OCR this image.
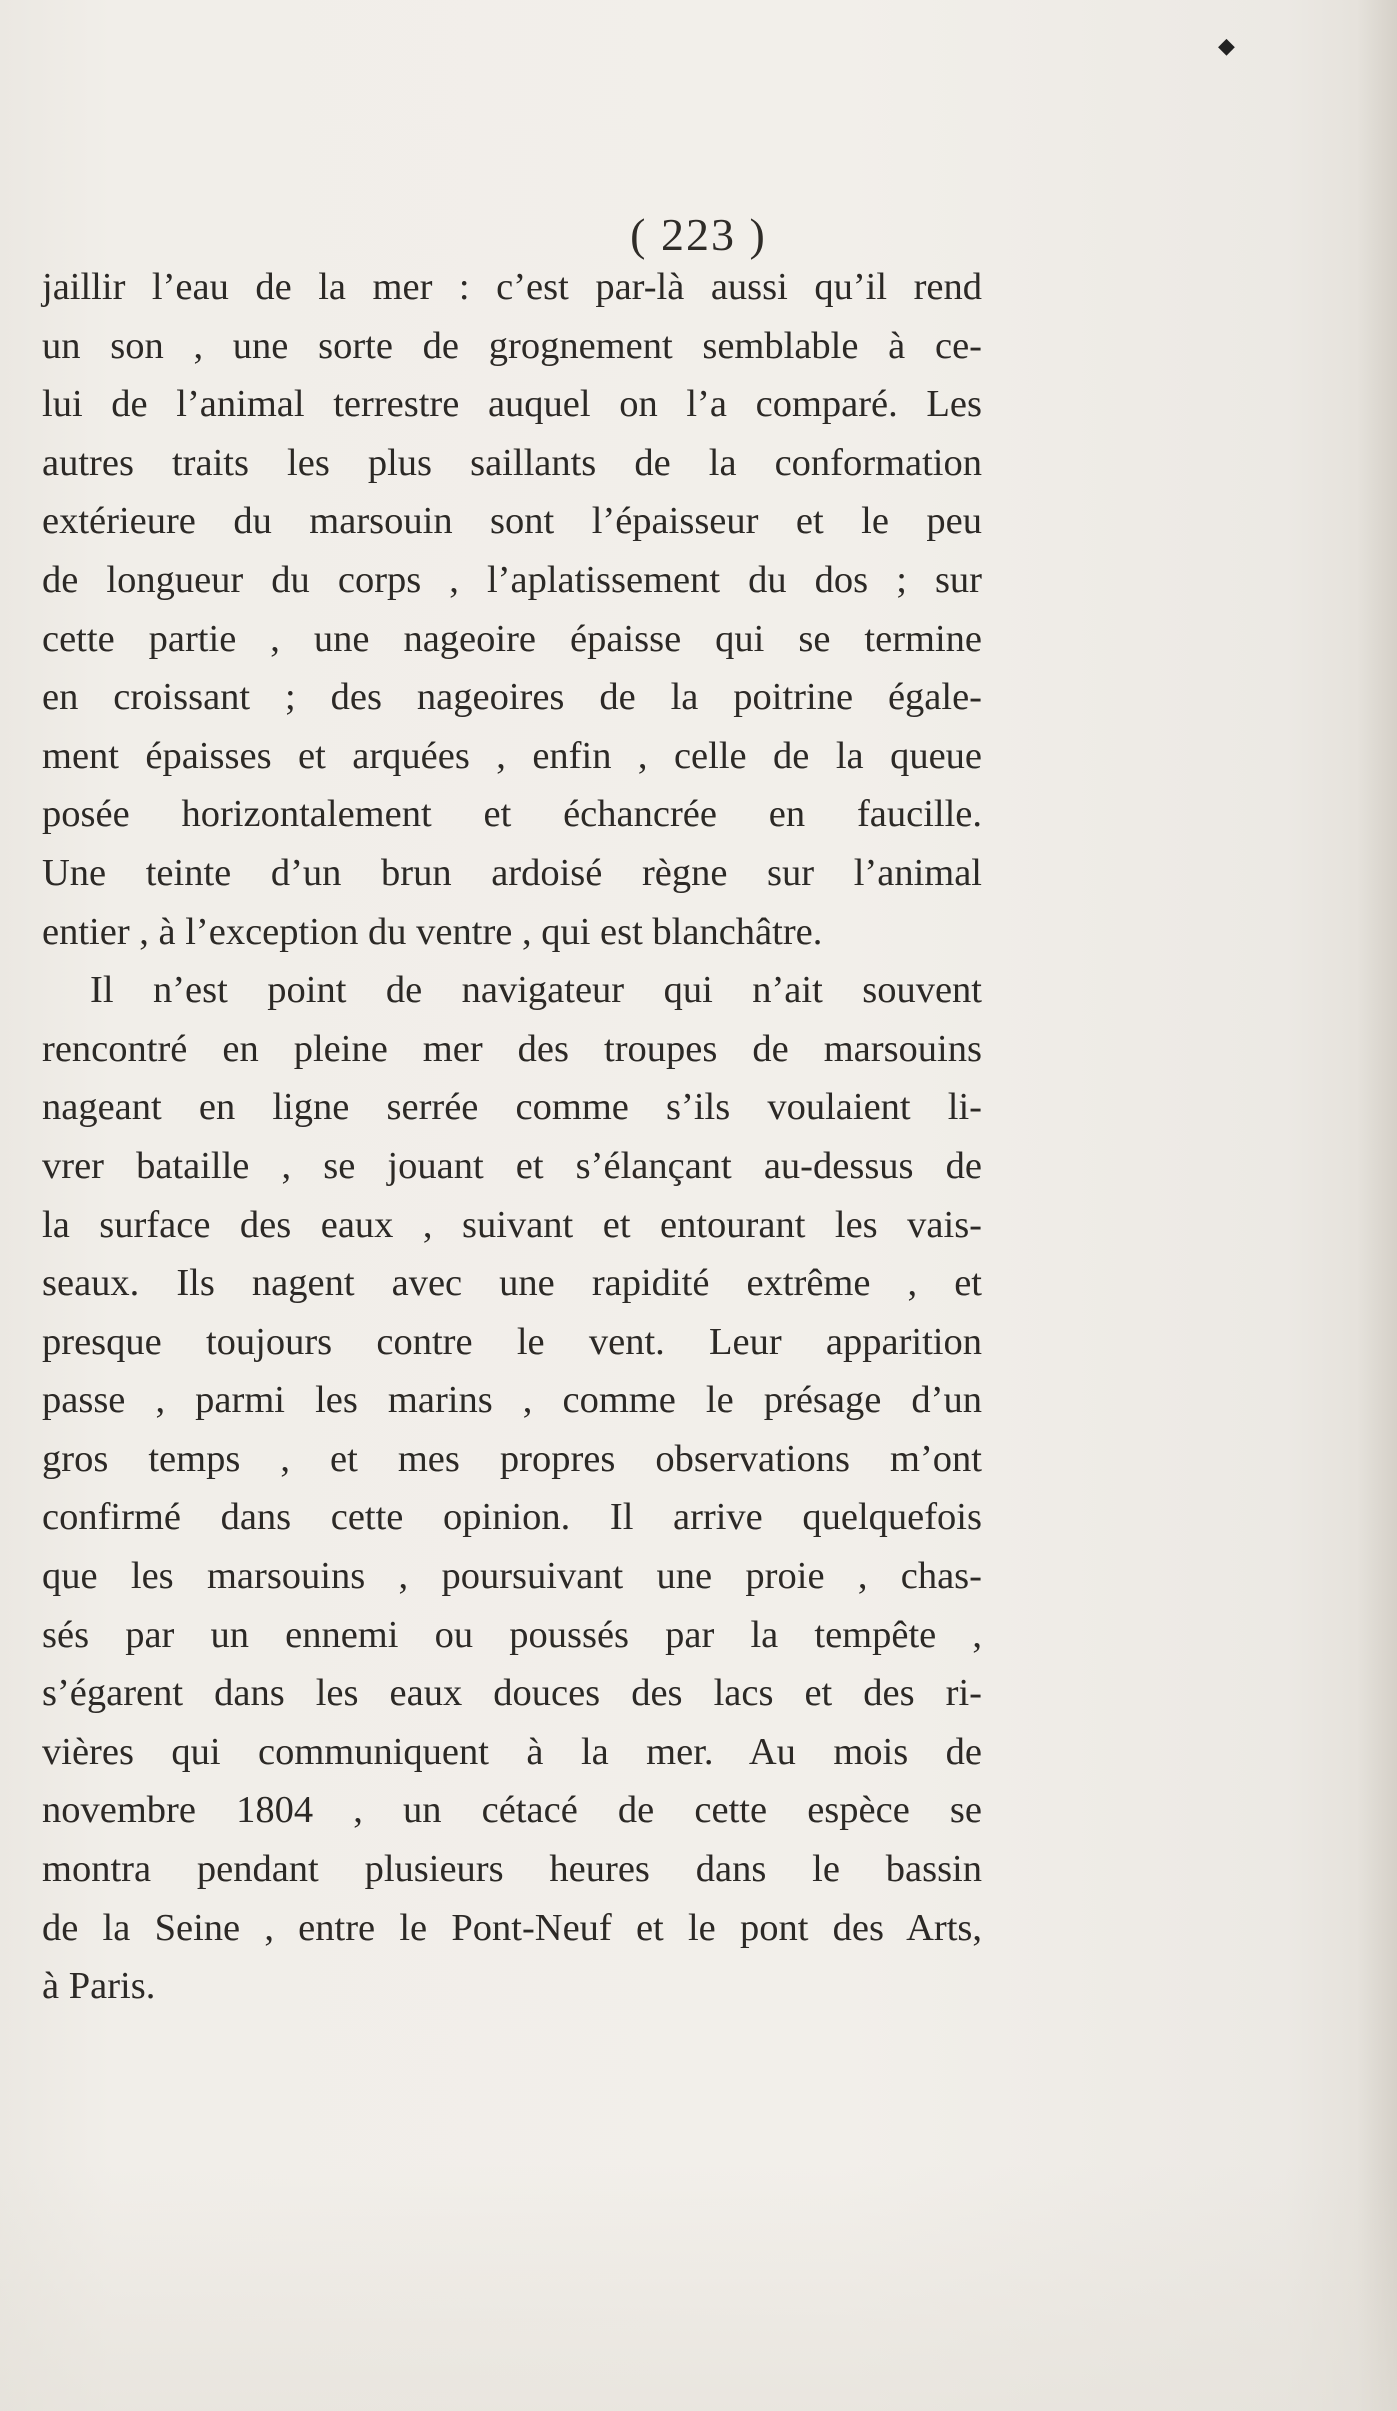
◆
( 223 )
jaillir l’eau de la mer : c’est par-là aussi qu’il rend
un son , une sorte de grognement semblable à ce-
lui de l’animal terrestre auquel on l’a comparé. Les
autres traits les plus saillants de la conformation
extérieure du marsouin sont l’épaisseur et le peu
de longueur du corps , l’aplatissement du dos ; sur
cette partie , une nageoire épaisse qui se termine
en croissant ; des nageoires de la poitrine égale-
ment épaisses et arquées , enfin , celle de la queue
posée horizontalement et échancrée en faucille.
Une teinte d’un brun ardoisé règne sur l’animal
entier , à l’exception du ventre , qui est blanchâtre.
Il n’est point de navigateur qui n’ait souvent
rencontré en pleine mer des troupes de marsouins
nageant en ligne serrée comme s’ils voulaient li-
vrer bataille , se jouant et s’élançant au-dessus de
la surface des eaux , suivant et entourant les vais-
seaux. Ils nagent avec une rapidité extrême , et
presque toujours contre le vent. Leur apparition
passe , parmi les marins , comme le présage d’un
gros temps , et mes propres observations m’ont
confirmé dans cette opinion. Il arrive quelquefois
que les marsouins , poursuivant une proie , chas-
sés par un ennemi ou poussés par la tempête ,
s’égarent dans les eaux douces des lacs et des ri-
vières qui communiquent à la mer. Au mois de
novembre 1804 , un cétacé de cette espèce se
montra pendant plusieurs heures dans le bassin
de la Seine , entre le Pont-Neuf et le pont des Arts,
à Paris.
